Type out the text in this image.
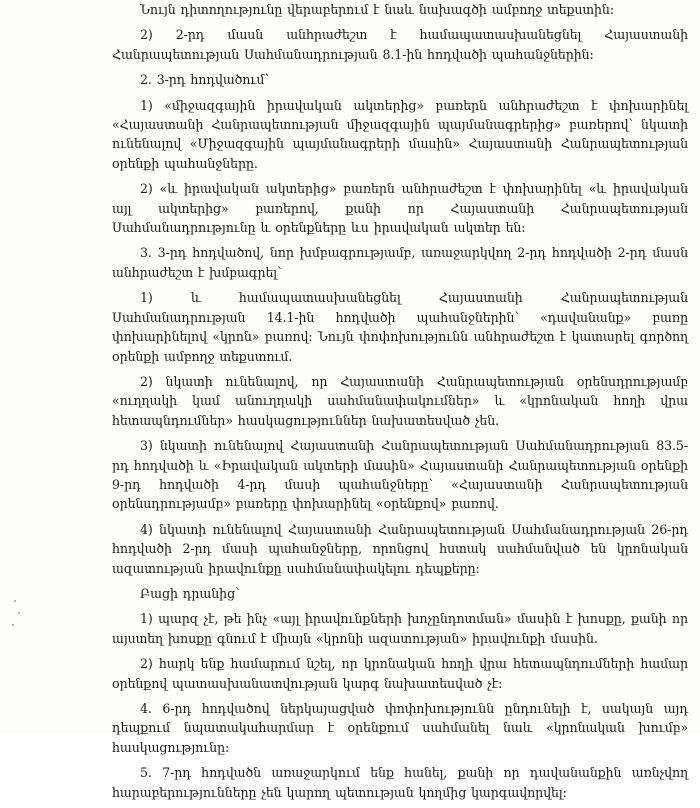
Նույն դիտողությունը վերաբերում է նաև նախագծի ամբողջ տեքստին:

2) 2-րդ մասն անհրաժեշտ է համապատասխանեցնել Հայաստանի Հանրապետության Սահմանադրության 8.1-ին հոդվածի պահանջներին:

2. 3-րդ հոդվածում՝

1) «միջազգային իրավական ակտերից» բառերն անհրաժեշտ է փոխարինել «Հայաստանի Հանրապետության միջազգային պայմանագրերից» բառերով՝ նկատի ունենալով «Միջազգային պայմանագրերի մասին» Հայաստանի Հանրապետության օրենքի պահանջները.

2) «և իրավական ակտերից» բառերն անհրաժեշտ է փոխարինել «և իրավական այլ ակտերից» բառերով, քանի որ Հայաստանի Հանրապետության Սահմանադրությունը և օրենքները ևս իրավական ակտեր են:

3. 3-րդ հոդվածով, նոր խմբագրությամբ, առաջարկվող 2-րդ հոդվածի 2-րդ մասն անհրաժեշտ է խմբագրել՝

1) և համապատասխանեցնել Հայաստանի Հանրապետության Սահմանադրության 14.1-ին հոդվածի պահանջներին՝ «դավանանք» բառը փոխարինելով «կրոն» բառով: Նույն փոփոխությունն անհրաժեշտ է կատարել գործող օրենքի ամբողջ տեքստում.

2) նկատի ունենալով, որ Հայաստանի Հանրապետության օրենսդրությամբ «ուղղակի կամ անուղղակի սահմանափակումներ» և «կրոնական հողի վրա հետապնդումներ» հասկացություններ նախատեսված չեն.

3) նկատի ունենալով Հայաստանի Հանրապետության Սահմանադրության 83.5-րդ հոդվածի և «Իրավական ակտերի մասին» Հայաստանի Հանրապետության օրենքի 9-րդ հոդվածի 4-րդ մասի պահանջները՝ «Հայաստանի Հանրապետության օրենսդրությամբ» բառերը փոխարինել «օրենքով» բառով.

4) նկատի ունենալով Հայաստանի Հանրապետության Սահմանադրության 26-րդ հոդվածի 2-րդ մասի պահանջները, որոնցով հստակ սահմանված են կրոնական ազատության իրավունքը սահմանափակելու դեպքերը:

Բացի դրանից՝

1) պարզ չէ, թե ինչ «այլ իրավունքների խոչընդոտման» մասին է խոսքը, քանի որ այստեղ խոսքը գնում է միայն «կրոնի ազատության» իրավունքի մասին.

2) հարկ ենք համարում նշել, որ կրոնական հողի վրա հետապնդումների համար օրենքով պատասխանատվության կարգ նախատեսված չէ:

4. 6-րդ հոդվածով ներկայացված փոփոխությունն ընդունելի է, սակայն այդ դեպքում նպատակահարմար է օրենքում սահմանել նաև «կրոնական խումբ» հասկացությունը:

5. 7-րդ հոդվածն առաջարկում ենք հանել, քանի որ դավանանքին առնչվող հարաբերությունները չեն կարող պետության կողմից կարգավորվել:
